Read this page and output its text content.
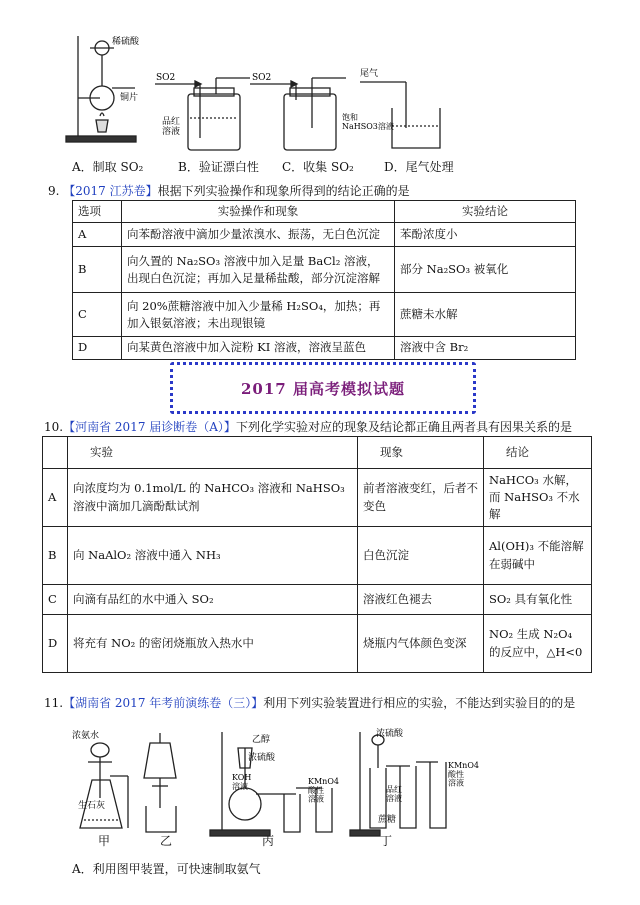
稀硫酸
铜片
SO2
品红溶液
SO2	尾气
饱和 NaHSO3溶液
A．制取 SO₂	B．验证漂白性 C．收集 SO₂	D．尾气处理
9. 【2017 江苏卷】根据下列实验操作和现象所得到的结论正确的是
选项	实验操作和现象	实验结论
A	向苯酚溶液中滴加少量浓溴水、振荡，无白色沉淀	苯酚浓度小
B	向久置的 Na₂SO₃ 溶液中加入足量 BaCl₂ 溶液，出现白色沉淀；再加入足量稀盐酸，部分沉淀溶解	部分 Na₂SO₃ 被氧化
C	向 20%蔗糖溶液中加入少量稀 H₂SO₄，加热；再加入银氨溶液；未出现银镜	蔗糖未水解
D	向某黄色溶液中加入淀粉 KI 溶液，溶液呈蓝色	溶液中含 Br₂
2017 届高考模拟试题
10.【河南省 2017 届诊断卷（A）】下列化学实验对应的现象及结论都正确且两者具有因果关系的是
	实验	现象	结论
A	向浓度均为 0.1mol/L 的 NaHCO₃ 溶液和 NaHSO₃ 溶液中滴加几滴酚酞试剂	前者溶液变红，后者不变色	NaHCO₃ 水解，而 NaHSO₃ 不水解
B	向 NaAlO₂ 溶液中通入 NH₃	白色沉淀	Al(OH)₃ 不能溶解在弱碱中
C	向滴有品红的水中通入 SO₂	溶液红色褪去	SO₂ 具有氧化性
D	将充有 NO₂ 的密闭烧瓶放入热水中	烧瓶内气体颜色变深	NO₂ 生成 N₂O₄ 的反应中，△H<0
11.【湖南省 2017 年考前演练卷（三）】利用下列实验装置进行相应的实验，不能达到实验目的的是
浓氨水
生石灰
乙醇
浓硫酸
KOH 溶液
KMnO4 酸性溶液
浓硫酸
蔗糖
品红溶液
KMnO4 酸性溶液
甲	乙	丙	丁
A．利用图甲装置，可快速制取氨气
